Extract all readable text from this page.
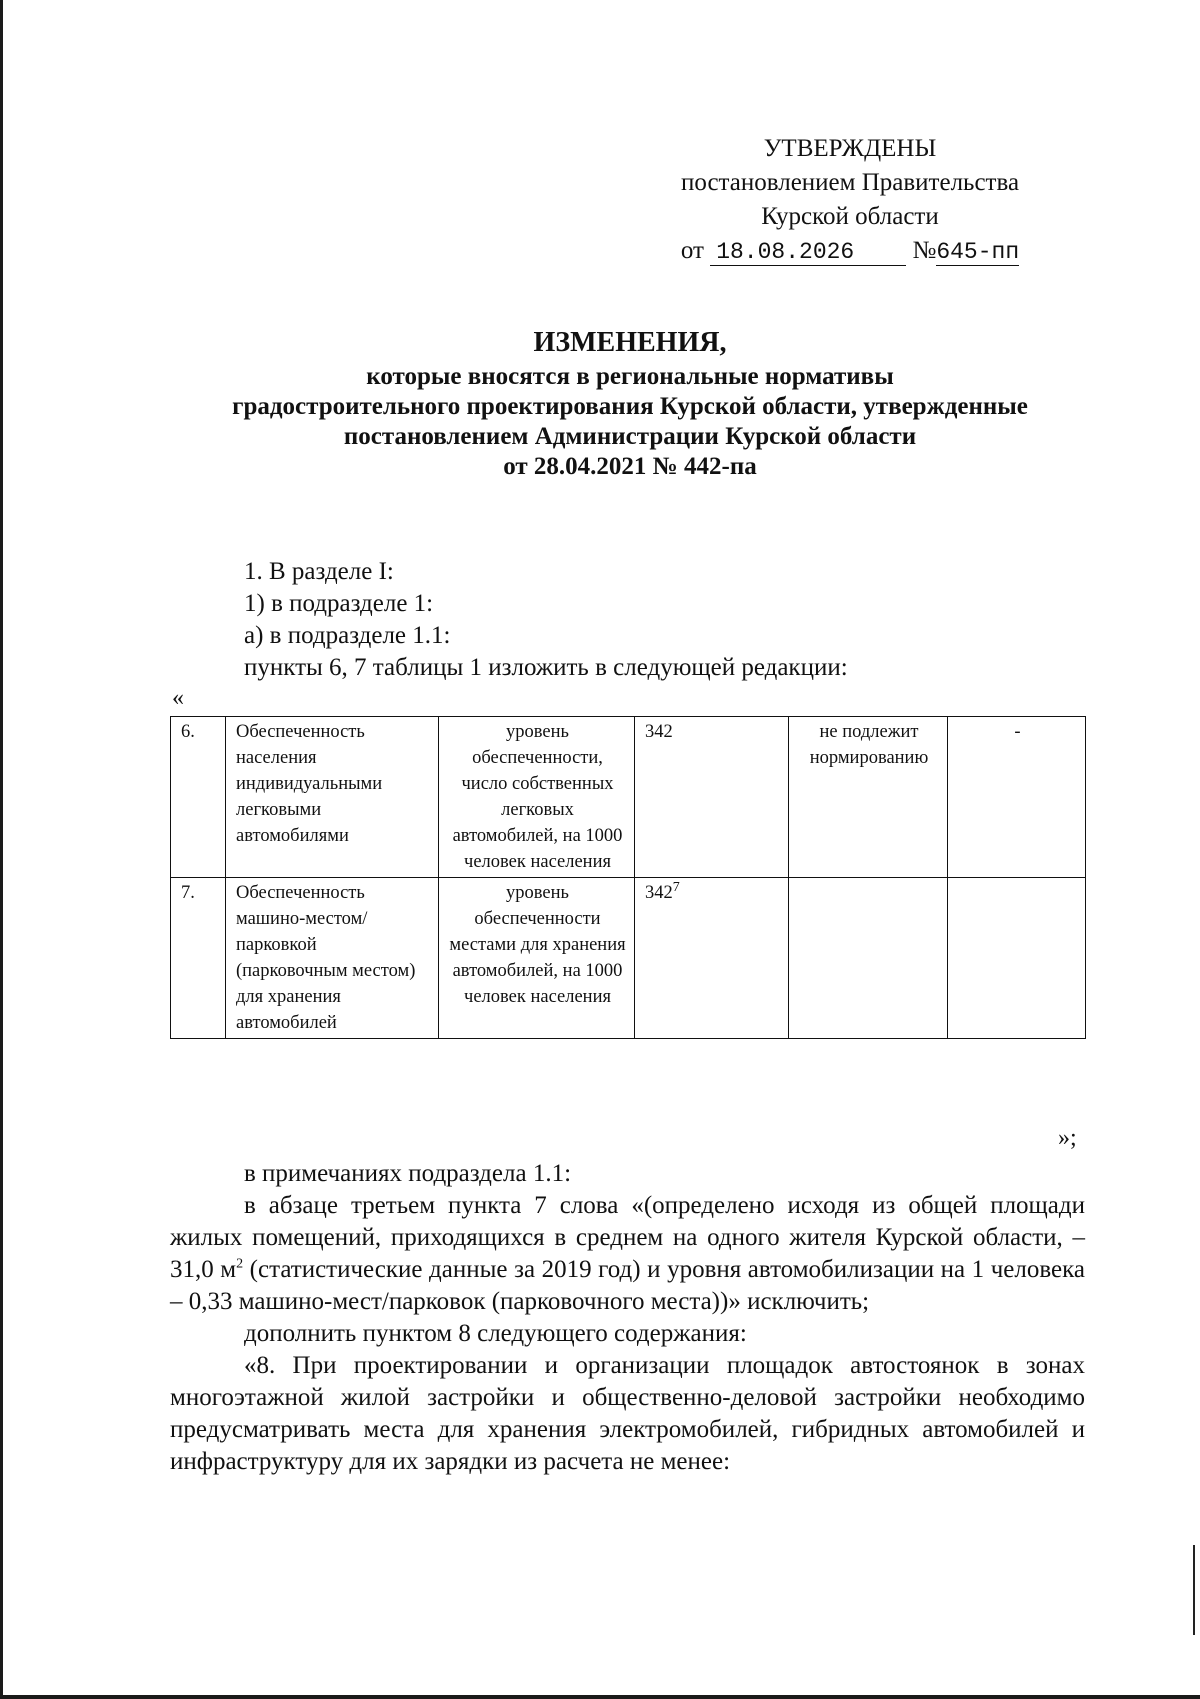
УТВЕРЖДЕНЫ
постановлением Правительства
Курской области
от 18.08.2026 №645-пп
ИЗМЕНЕНИЯ,
которые вносятся в региональные нормативы
градостроительного проектирования Курской области, утвержденные
постановлением Администрации Курской области
от 28.04.2021 № 442-па
1. В разделе I:
1) в подразделе 1:
а) в подразделе 1.1:
пункты 6, 7 таблицы 1 изложить в следующей редакции:
«
6.	Обеспеченность населения индивидуальными легковыми автомобилями	уровень обеспеченности, число собственных легковых автомобилей, на 1000 человек населения	342	не подлежит нормированию	-
7.	Обеспеченность машино-местом/парковкой (парковочным местом) для хранения автомобилей	уровень обеспеченности местами для хранения автомобилей, на 1000 человек населения	$342^7$		
»;

в примечаниях подраздела 1.1:

в абзаце третьем пункта 7 слова «(определено исходя из общей площади жилых помещений, приходящихся в среднем на одного жителя Курской области, – 31,0 $м^2$ (статистические данные за 2019 год) и уровня автомобилизации на 1 человека – 0,33 машино-мест/парковок (парковочного места))» исключить;

дополнить пунктом 8 следующего содержания:

«8. При проектировании и организации площадок автостоянок в зонах многоэтажной жилой застройки и общественно-деловой застройки необходимо предусматривать места для хранения электромобилей, гибридных автомобилей и инфраструктуру для их зарядки из расчета не менее:
